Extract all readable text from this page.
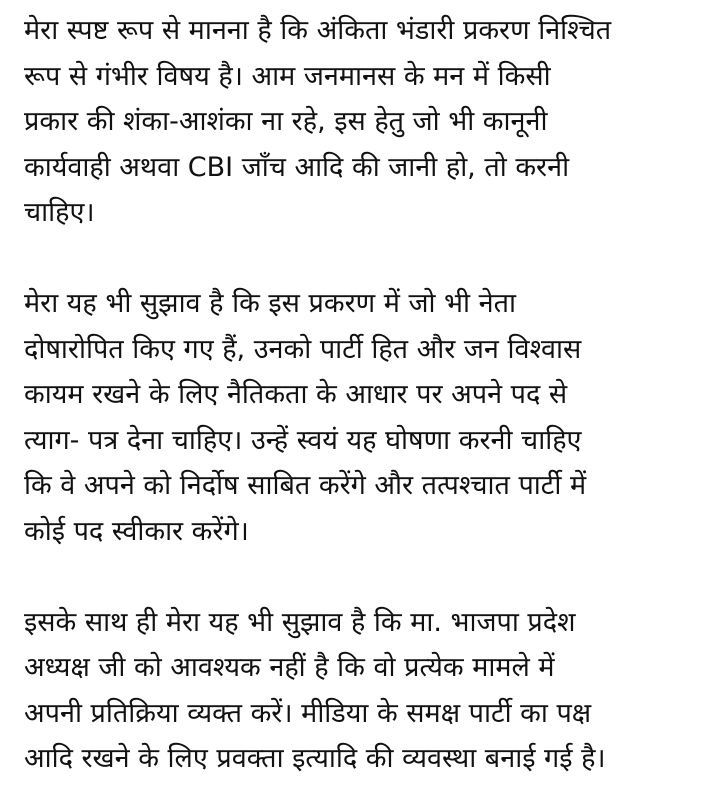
मेरा स्पष्ट रूप से मानना है कि अंकिता भंडारी प्रकरण निश्चित
रूप से गंभीर विषय है। आम जनमानस के मन में किसी
प्रकार की शंका-आशंका ना रहे, इस हेतु जो भी कानूनी
कार्यवाही अथवा CBI जाँच आदि की जानी हो, तो करनी
चाहिए।

मेरा यह भी सुझाव है कि इस प्रकरण में जो भी नेता
दोषारोपित किए गए हैं, उनको पार्टी हित और जन विश्वास
कायम रखने के लिए नैतिकता के आधार पर अपने पद से
त्याग- पत्र देना चाहिए। उन्हें स्वयं यह घोषणा करनी चाहिए
कि वे अपने को निर्दोष साबित करेंगे और तत्पश्चात पार्टी में
कोई पद स्वीकार करेंगे।

इसके साथ ही मेरा यह भी सुझाव है कि मा. भाजपा प्रदेश
अध्यक्ष जी को आवश्यक नहीं है कि वो प्रत्येक मामले में
अपनी प्रतिक्रिया व्यक्त करें। मीडिया के समक्ष पार्टी का पक्ष
आदि रखने के लिए प्रवक्ता इत्यादि की व्यवस्था बनाई गई है।
